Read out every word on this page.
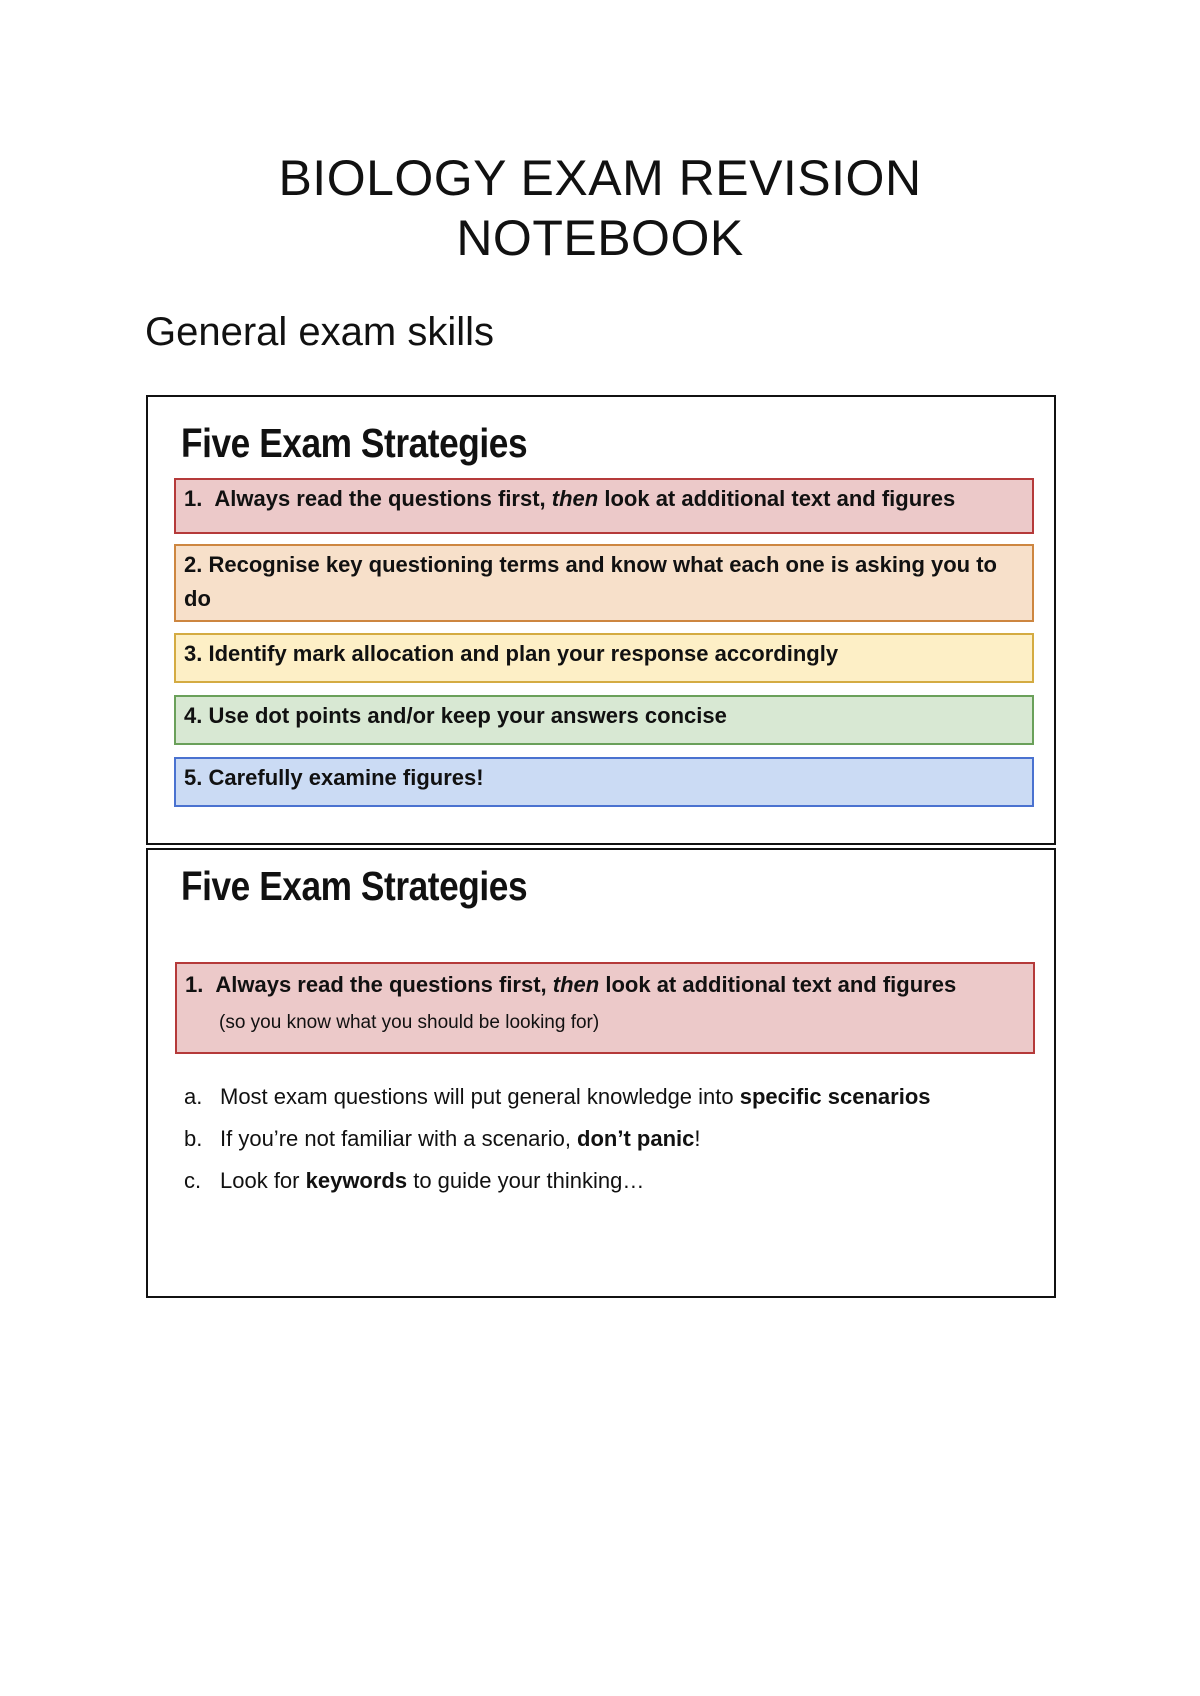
BIOLOGY EXAM REVISION
NOTEBOOK
General exam skills
Five Exam Strategies
1. Always read the questions first, then look at additional text and figures
2. Recognise key questioning terms and know what each one is asking you to do
3. Identify mark allocation and plan your response accordingly
4. Use dot points and/or keep your answers concise
5. Carefully examine figures!
Five Exam Strategies
1. Always read the questions first, then look at additional text and figures
(so you know what you should be looking for)
a. Most exam questions will put general knowledge into specific scenarios
b. If you’re not familiar with a scenario, don’t panic!
c. Look for keywords to guide your thinking…
